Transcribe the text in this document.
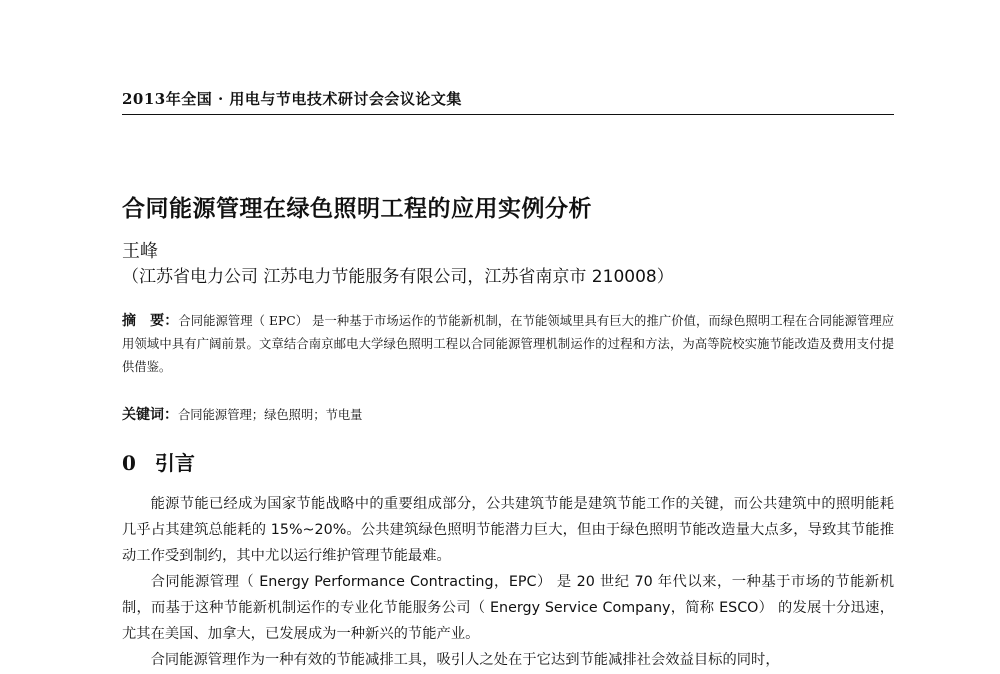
2013年全国 · 用电与节电技术研讨会会议论文集
合同能源管理在绿色照明工程的应用实例分析
王峰
（江苏省电力公司 江苏电力节能服务有限公司，江苏省南京市 210008）
摘　要：合同能源管理（ EPC） 是一种基于市场运作的节能新机制，在节能领域里具有巨大的推广价值，而绿色照明工程在合同能源管理应用领域中具有广阔前景。文章结合南京邮电大学绿色照明工程以合同能源管理机制运作的过程和方法，为高等院校实施节能改造及费用支付提供借鉴。
关键词：合同能源管理；绿色照明；节电量
0 引言

能源节能已经成为国家节能战略中的重要组成部分，公共建筑节能是建筑节能工作的关键，而公共建筑中的照明能耗几乎占其建筑总能耗的 15%~20%。公共建筑绿色照明节能潜力巨大，但由于绿色照明节能改造量大点多，导致其节能推动工作受到制约，其中尤以运行维护管理节能最难。

合同能源管理（ Energy Performance Contracting，EPC） 是 20 世纪 70 年代以来，一种基于市场的节能新机制，而基于这种节能新机制运作的专业化节能服务公司（ Energy Service Company，简称 ESCO） 的发展十分迅速，尤其在美国、加拿大，已发展成为一种新兴的节能产业。

合同能源管理作为一种有效的节能减排工具，吸引人之处在于它达到节能减排社会效益目标的同时，
